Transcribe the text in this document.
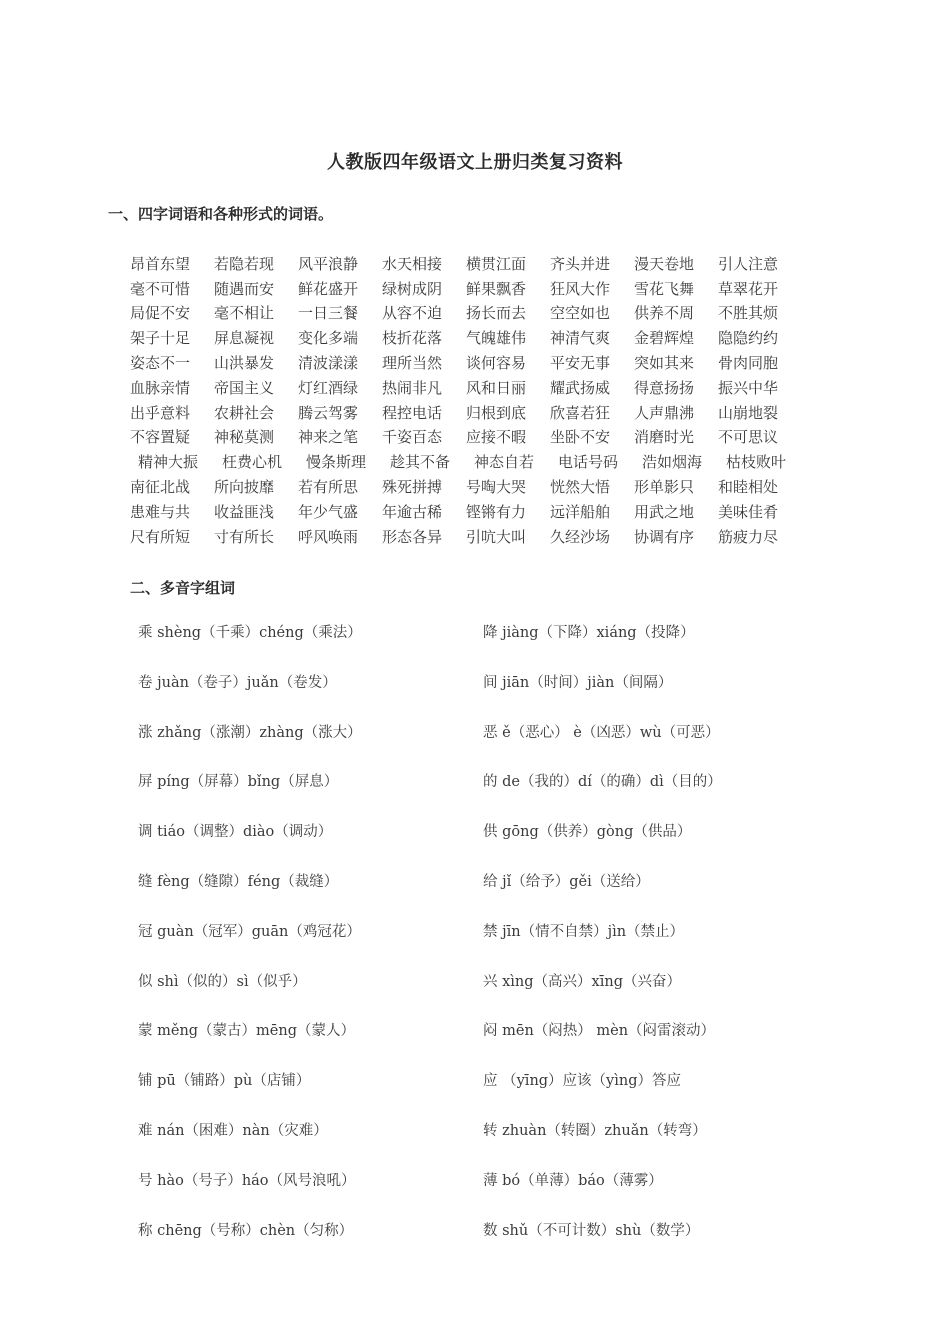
人教版四年级语文上册归类复习资料
一、四字词语和各种形式的词语。
昂首东望	若隐若现	风平浪静	水天相接	横贯江面	齐头并进	漫天卷地	引人注意
毫不可惜	随遇而安	鲜花盛开	绿树成阴	鲜果飘香	狂风大作	雪花飞舞	草翠花开
局促不安	毫不相让	一日三餐	从容不迫	扬长而去	空空如也	供养不周	不胜其烦
架子十足	屏息凝视	变化多端	枝折花落	气魄雄伟	神清气爽	金碧辉煌	隐隐约约
姿态不一	山洪暴发	清波漾漾	理所当然	谈何容易	平安无事	突如其来	骨肉同胞
血脉亲情	帝国主义	灯红酒绿	热闹非凡	风和日丽	耀武扬威	得意扬扬	振兴中华
出乎意料	农耕社会	腾云驾雾	程控电话	归根到底	欣喜若狂	人声鼎沸	山崩地裂
不容置疑	神秘莫测	神来之笔	千姿百态	应接不暇	坐卧不安	消磨时光	不可思议
精神大振	枉费心机	慢条斯理	趁其不备	神态自若	电话号码	浩如烟海	枯枝败叶
南征北战	所向披靡	若有所思	殊死拼搏	号啕大哭	恍然大悟	形单影只	和睦相处
患难与共	收益匪浅	年少气盛	年逾古稀	铿锵有力	远洋船舶	用武之地	美味佳肴
尺有所短	寸有所长	呼风唤雨	形态各异	引吭大叫	久经沙场	协调有序	筋疲力尽
二、多音字组词
乘 shèng（千乘）chéng（乘法）	降 jiàng（下降）xiáng（投降）
卷 juàn（卷子）juǎn（卷发）	间 jiān（时间）jiàn（间隔）
涨 zhǎng（涨潮）zhàng（涨大）	恶 ě（恶心） è（凶恶）wù（可恶）
屏 píng（屏幕）bǐng（屏息）	的 de（我的）dí（的确）dì（目的）
调 tiáo（调整）diào（调动）	供 gōng（供养）gòng（供品）
缝 fèng（缝隙）féng（裁缝）	给 jǐ（给予）gěi（送给）
冠 guàn（冠军）guān（鸡冠花）	禁 jīn（情不自禁）jìn（禁止）
似 shì（似的）sì（似乎）	兴 xìng（高兴）xīng（兴奋）
蒙 měng（蒙古）mēng（蒙人）	闷 mēn（闷热） mèn（闷雷滚动）
铺 pū（铺路）pù（店铺）	应 （yīng）应该（yìng）答应
难 nán（困难）nàn（灾难）	转 zhuàn（转圈）zhuǎn（转弯）
号 hào（号子）háo（风号浪吼）	薄 bó（单薄）báo（薄雾）
称 chēng（号称）chèn（匀称）	数 shǔ（不可计数）shù（数学）
